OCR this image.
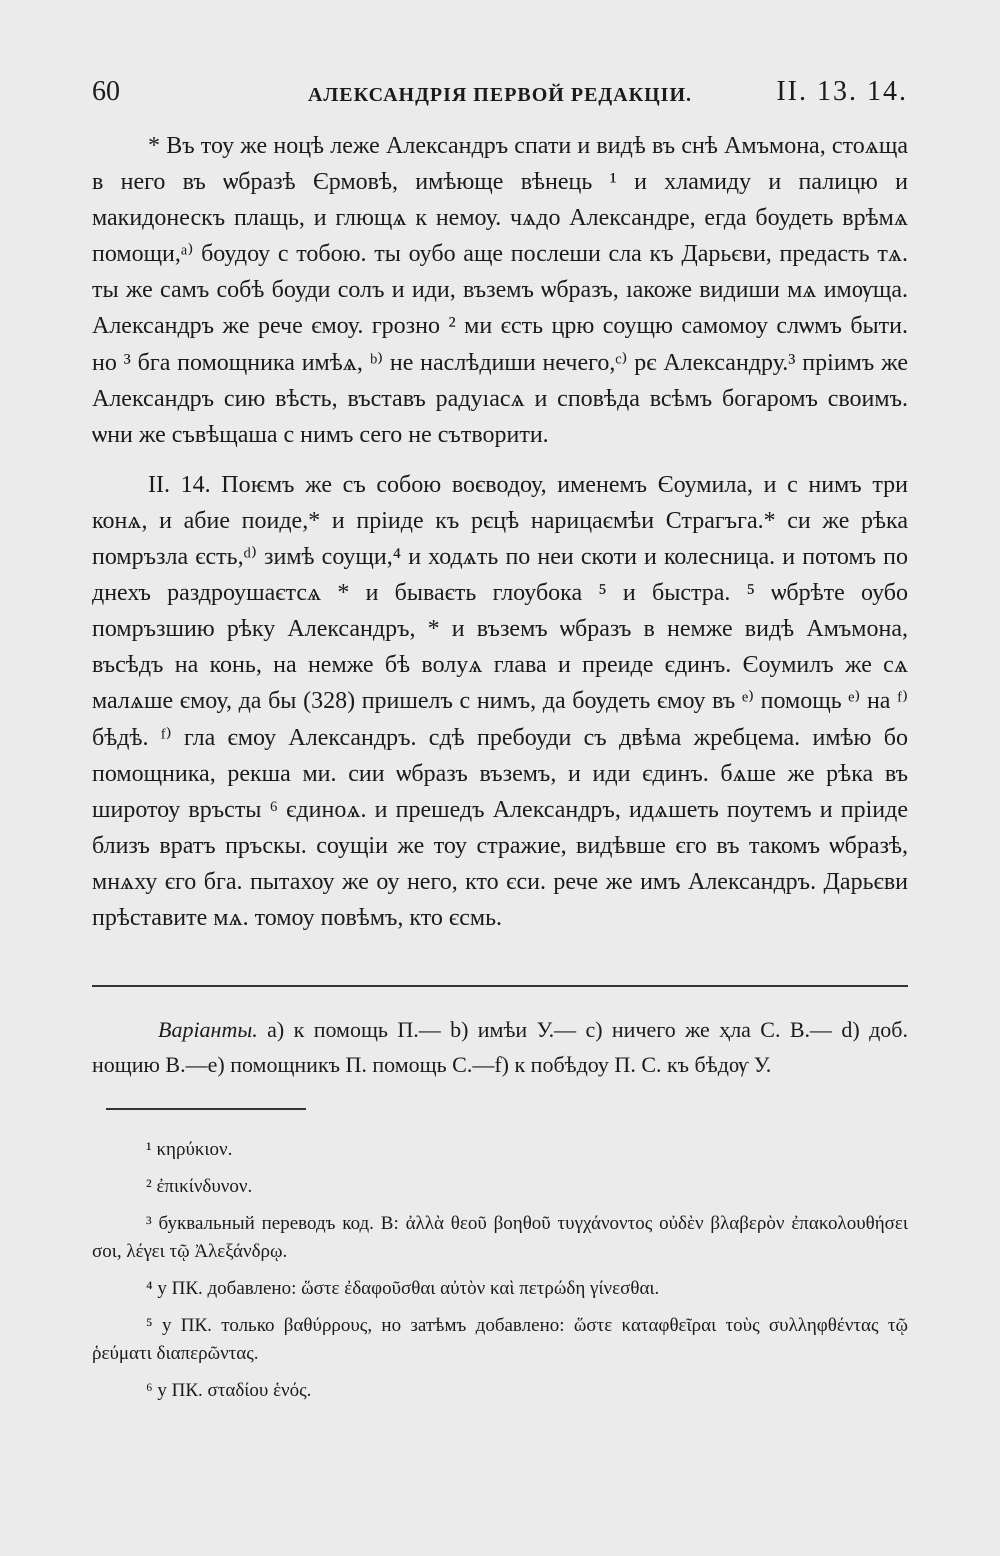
60	АЛЕКСАНДРІЯ ПЕРВОЙ РЕДАКЦІИ.	II. 13. 14.

* Въ тоу же ноцѣ леже Александръ спати и видѣ въ снѣ Амъмона, стоѧща в него въ ѡбразѣ Єрмовѣ, имѣюще вѣнець ¹ и хламиду и палицю и макидонескъ плащь, и глющѧ к немоу. чѧдо Александре, егда боудеть врѣмѧ помощи,ᵃ⁾ боудоу с тобою. ты оубо аще послеши сла къ Дарьєви, предасть тѧ. ты же самъ собѣ боуди солъ и иди, въземъ ѡбразъ, ıакоже видиши мѧ имѹща. Александръ же рече ємоу. грозно ² ми єсть црю соущю самомоу слѡмъ быти. но ³ бга помощника имѣѧ, ᵇ⁾ не наслѣдиши нечего,ᶜ⁾ рє Александру.³ пріимъ же Александръ сию вѣсть, въставъ радуıасѧ и сповѣда всѣмъ богаромъ своимъ. ѡни же съвѣщаша с нимъ сего не сътворити.

II. 14. Поѥмъ же съ собою воєводоу, именемъ Єоумила, и с нимъ три конѧ, и абие поиде,* и пріиде къ рєцѣ нарицаємѣи Страгъга.* си же рѣка помръзла єсть,ᵈ⁾ зимѣ соущи,⁴ и ходѧть по неи скоти и колесница. и потомъ по днехъ раздроушаєтсѧ * и бываєть глоубока ⁵ и быстра. ⁵ ѡбрѣте оубо помръзшию рѣку Александръ, * и въземъ ѡбразъ в немже видѣ Амъмона, въсѣдъ на конь, на немже бѣ волуѧ глава и преиде єдинъ. Єоумилъ же сѧ малѧше ємоу, да бы (328) пришелъ с нимъ, да боудеть ємоу въ ᵉ⁾ помощь ᵉ⁾ на ᶠ⁾ бѣдѣ. ᶠ⁾ гла ємоу Александръ. сдѣ пребоуди съ двѣма жребцема. имѣю бо помощника, рекша ми. сии ѡбразъ въземъ, и иди єдинъ. бѧше же рѣка въ широтоу връсты ⁶ єдиноѧ. и прешедъ Александръ, идѧшеть поутемъ и пріиде близъ вратъ пръскы. соущіи же тоу стражие, видѣвше єго въ такомъ ѡбразѣ, мнѧху єго бга. пытахоу же оу него, кто єси. рече же имъ Александръ. Дарьєви прѣставите мѧ. томоу повѣмъ, кто єсмь.

Варіанты. a) к помощь П.— b) имѣи У.— c) ничего же ҳла С. В.— d) доб. нощию В.—e) помощникъ П. помощь С.—f) к побѣдоу П. С. къ бѣдѹ У.

¹ κηρύκιον.

² ἐπικίνδυνον.

³ буквальный переводъ код. В: ἀλλὰ θεοῦ βοηθοῦ τυγχάνοντος οὐδὲν βλαβερὸν ἐπακολουθήσει σοι, λέγει τῷ Ἀλεξάνδρῳ.

⁴ у ПК. добавлено: ὥστε ἐδαφοῦσθαι αὐτὸν καὶ πετρώδη γίνεσθαι.

⁵ у ПК. только βαθύρρους, но затѣмъ добавлено: ὥστε καταφθεῖραι τοὺς συλληφθέντας τῷ ῥεύματι διαπερῶντας.

⁶ у ПК. σταδίου ἑνός.
